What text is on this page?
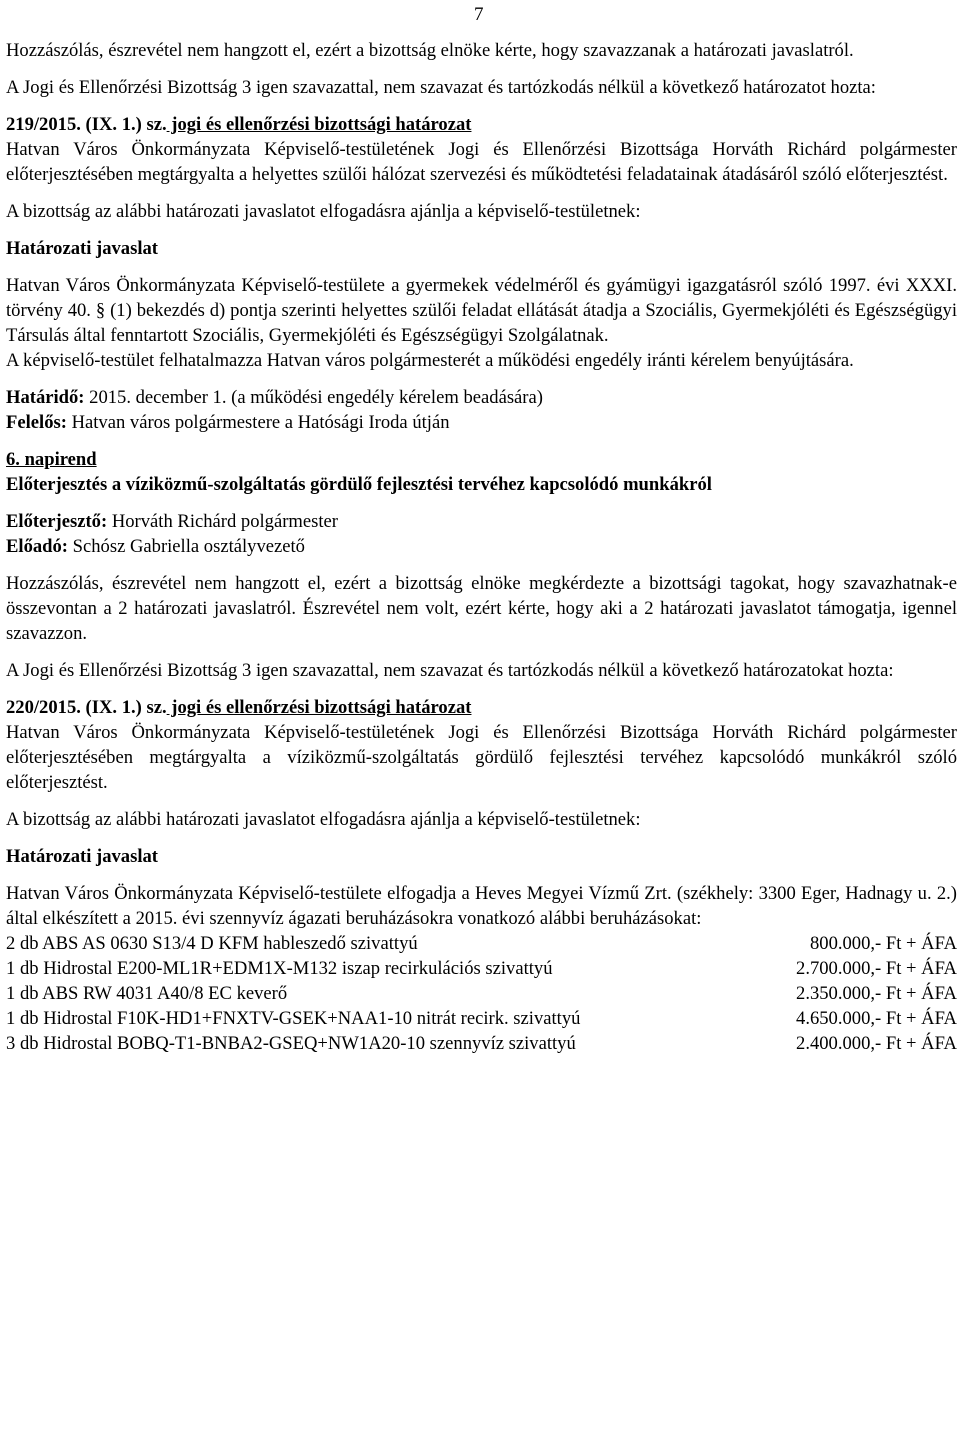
7

Hozzászólás, észrevétel nem hangzott el, ezért a bizottság elnöke kérte, hogy szavazzanak a határozati javaslatról.

A Jogi és Ellenőrzési Bizottság 3 igen szavazattal, nem szavazat és tartózkodás nélkül a következő határozatot hozta:

219/2015. (IX. 1.) sz. jogi és ellenőrzési bizottsági határozat

Hatvan Város Önkormányzata Képviselő-testületének Jogi és Ellenőrzési Bizottsága Horváth Richárd polgármester előterjesztésében megtárgyalta a helyettes szülői hálózat szervezési és működtetési feladatainak átadásáról szóló előterjesztést.

A bizottság az alábbi határozati javaslatot elfogadásra ajánlja a képviselő-testületnek:

Határozati javaslat

Hatvan Város Önkormányzata Képviselő-testülete a gyermekek védelméről és gyámügyi igazgatásról szóló 1997. évi XXXI. törvény 40. § (1) bekezdés d) pontja szerinti helyettes szülői feladat ellátását átadja a Szociális, Gyermekjóléti és Egészségügyi Társulás által fenntartott Szociális, Gyermekjóléti és Egészségügyi Szolgálatnak.

A képviselő-testület felhatalmazza Hatvan város polgármesterét a működési engedély iránti kérelem benyújtására.

Határidő: 2015. december 1. (a működési engedély kérelem beadására)

Felelős: Hatvan város polgármestere a Hatósági Iroda útján

6. napirend

Előterjesztés a víziközmű-szolgáltatás gördülő fejlesztési tervéhez kapcsolódó munkákról

Előterjesztő: Horváth Richárd polgármester

Előadó: Schósz Gabriella osztályvezető

Hozzászólás, észrevétel nem hangzott el, ezért a bizottság elnöke megkérdezte a bizottsági tagokat, hogy szavazhatnak-e összevontan a 2 határozati javaslatról. Észrevétel nem volt, ezért kérte, hogy aki a 2 határozati javaslatot támogatja, igennel szavazzon.

A Jogi és Ellenőrzési Bizottság 3 igen szavazattal, nem szavazat és tartózkodás nélkül a következő határozatokat hozta:

220/2015. (IX. 1.) sz. jogi és ellenőrzési bizottsági határozat

Hatvan Város Önkormányzata Képviselő-testületének Jogi és Ellenőrzési Bizottsága Horváth Richárd polgármester előterjesztésében megtárgyalta a víziközmű-szolgáltatás gördülő fejlesztési tervéhez kapcsolódó munkákról szóló előterjesztést.

A bizottság az alábbi határozati javaslatot elfogadásra ajánlja a képviselő-testületnek:

Határozati javaslat

Hatvan Város Önkormányzata Képviselő-testülete elfogadja a Heves Megyei Vízmű Zrt. (székhely: 3300 Eger, Hadnagy u. 2.) által elkészített a 2015. évi szennyvíz ágazati beruházásokra vonatkozó alábbi beruházásokat:

2 db ABS AS 0630 S13/4 D KFM hableszedő szivattyú	800.000,- Ft + ÁFA
1 db Hidrostal E200-ML1R+EDM1X-M132 iszap recirkulációs szivattyú	2.700.000,- Ft + ÁFA
1 db ABS RW 4031 A40/8 EC keverő	2.350.000,- Ft + ÁFA
1 db Hidrostal F10K-HD1+FNXTV-GSEK+NAA1-10 nitrát recirk. szivattyú	4.650.000,- Ft + ÁFA
3 db Hidrostal BOBQ-T1-BNBA2-GSEQ+NW1A20-10 szennyvíz szivattyú	2.400.000,- Ft + ÁFA
